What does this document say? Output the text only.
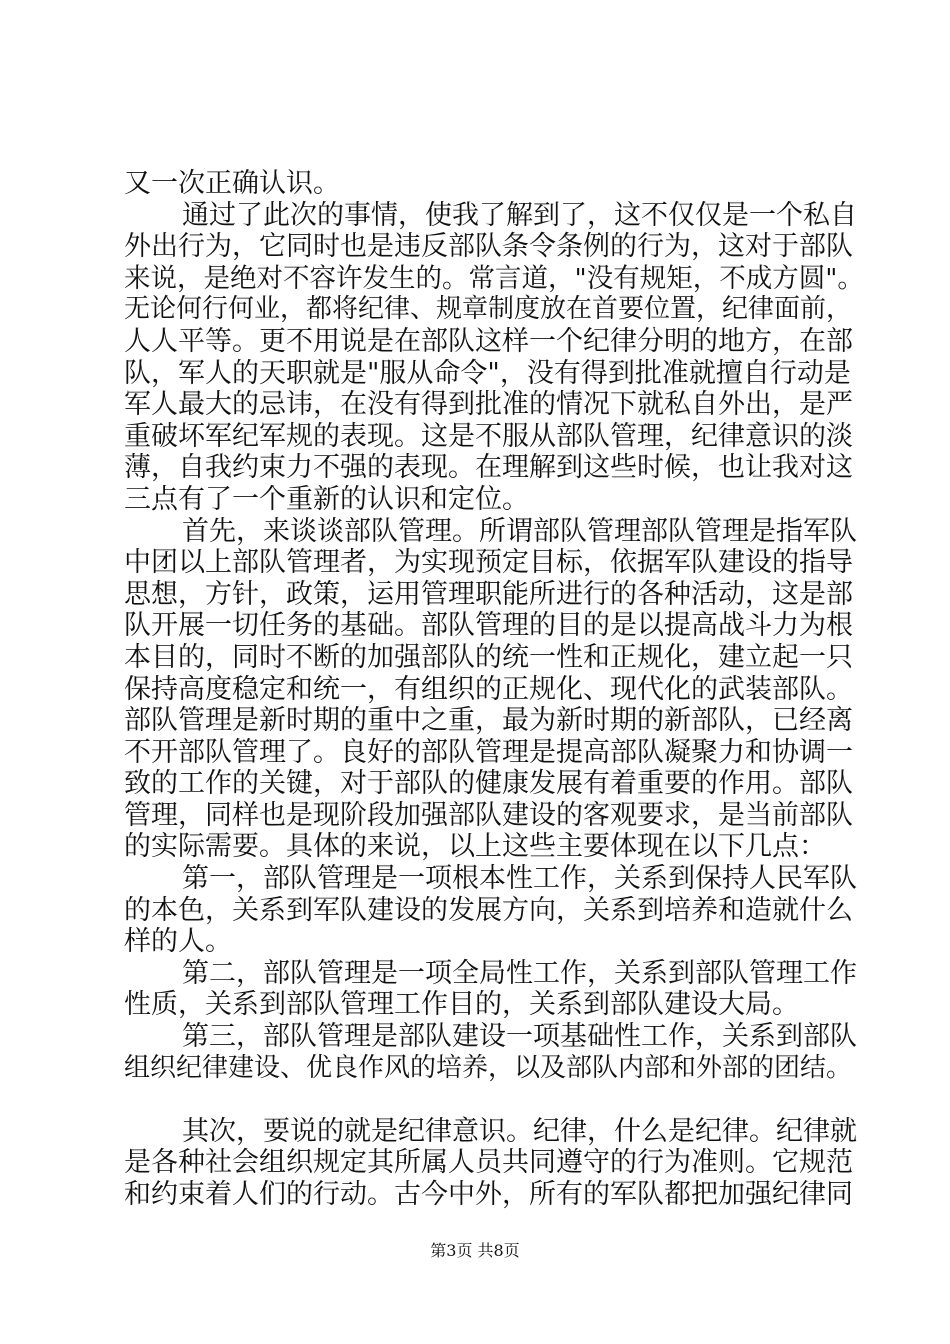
又一次正确认识。
通过了此次的事情，使我了解到了，这不仅仅是一个私自
外出行为，它同时也是违反部队条令条例的行为，这对于部队
来说，是绝对不容许发生的。常言道，"没有规矩，不成方圆"。
无论何行何业，都将纪律、规章制度放在首要位置，纪律面前，
人人平等。更不用说是在部队这样一个纪律分明的地方，在部
队，军人的天职就是"服从命令"，没有得到批准就擅自行动是
军人最大的忌讳，在没有得到批准的情况下就私自外出，是严
重破坏军纪军规的表现。这是不服从部队管理，纪律意识的淡
薄，自我约束力不强的表现。在理解到这些时候，也让我对这
三点有了一个重新的认识和定位。
首先，来谈谈部队管理。所谓部队管理部队管理是指军队
中团以上部队管理者，为实现预定目标，依据军队建设的指导
思想，方针，政策，运用管理职能所进行的各种活动，这是部
队开展一切任务的基础。部队管理的目的是以提高战斗力为根
本目的，同时不断的加强部队的统一性和正规化，建立起一只
保持高度稳定和统一，有组织的正规化、现代化的武装部队。
部队管理是新时期的重中之重，最为新时期的新部队，已经离
不开部队管理了。良好的部队管理是提高部队凝聚力和协调一
致的工作的关键，对于部队的健康发展有着重要的作用。部队
管理，同样也是现阶段加强部队建设的客观要求，是当前部队
的实际需要。具体的来说，以上这些主要体现在以下几点：
第一，部队管理是一项根本性工作，关系到保持人民军队
的本色，关系到军队建设的发展方向，关系到培养和造就什么
样的人。
第二，部队管理是一项全局性工作，关系到部队管理工作
性质，关系到部队管理工作目的，关系到部队建设大局。
第三，部队管理是部队建设一项基础性工作，关系到部队
组织纪律建设、优良作风的培养，以及部队内部和外部的团结。
其次，要说的就是纪律意识。纪律，什么是纪律。纪律就
是各种社会组织规定其所属人员共同遵守的行为准则。它规范
和约束着人们的行动。古今中外，所有的军队都把加强纪律同
第3页 共8页
